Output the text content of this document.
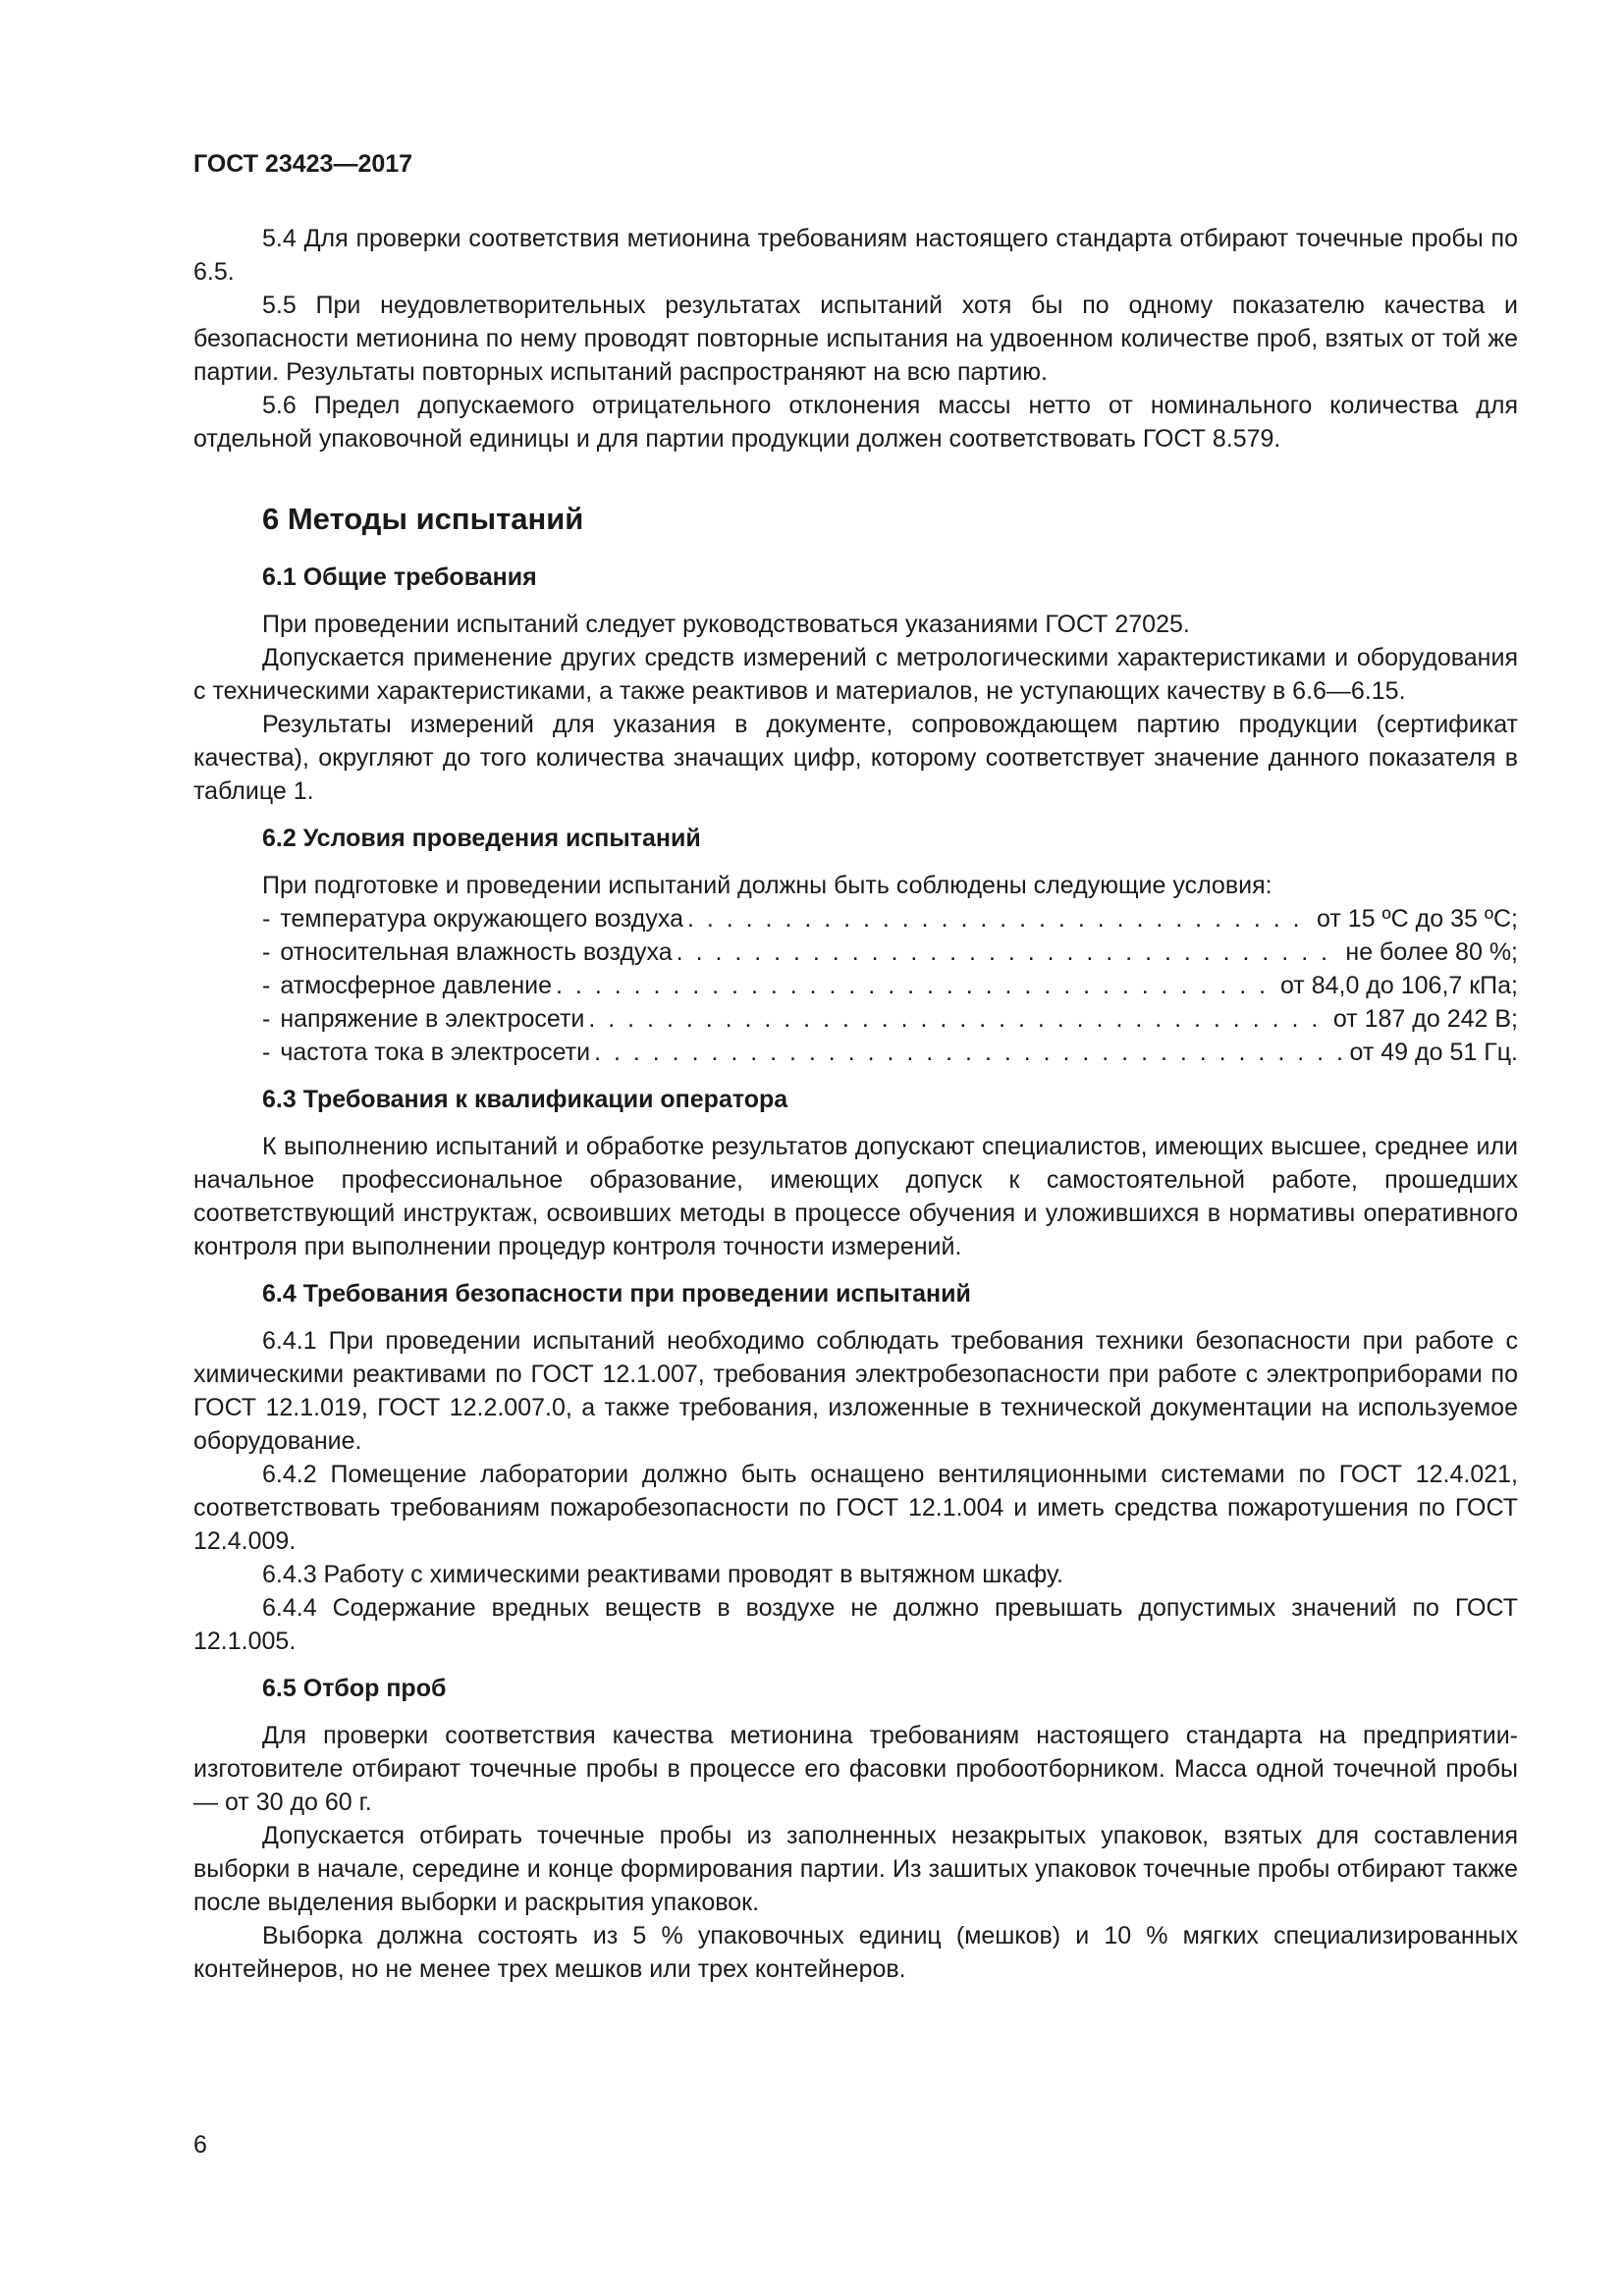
ГОСТ 23423—2017

5.4 Для проверки соответствия метионина требованиям настоящего стандарта отбирают точечные пробы по 6.5.

5.5 При неудовлетворительных результатах испытаний хотя бы по одному показателю качества и безопасности метионина по нему проводят повторные испытания на удвоенном количестве проб, взятых от той же партии. Результаты повторных испытаний распространяют на всю партию.

5.6 Предел допускаемого отрицательного отклонения массы нетто от номинального количества для отдельной упаковочной единицы и для партии продукции должен соответствовать ГОСТ 8.579.

6 Методы испытаний
6.1 Общие требования

При проведении испытаний следует руководствоваться указаниями ГОСТ 27025.

Допускается применение других средств измерений с метрологическими характеристиками и оборудования с техническими характеристиками, а также реактивов и материалов, не уступающих качеству в 6.6—6.15.

Результаты измерений для указания в документе, сопровождающем партию продукции (сертификат качества), округляют до того количества значащих цифр, которому соответствует значение данного показателя в таблице 1.

6.2 Условия проведения испытаний

При подготовке и проведении испытаний должны быть соблюдены следующие условия:

- температура окружающего воздуха . . .	от 15 ºС до 35 ºС;
- относительная влажность воздуха . . .	не более 80 %;
- атмосферное давление . . .	от 84,0 до 106,7 кПа;
- напряжение в электросети . . .	от 187 до 242 В;
- частота тока в электросети . . .	от 49 до 51 Гц.
6.3 Требования к квалификации оператора

К выполнению испытаний и обработке результатов допускают специалистов, имеющих высшее, среднее или начальное профессиональное образование, имеющих допуск к самостоятельной работе, прошедших соответствующий инструктаж, освоивших методы в процессе обучения и уложившихся в нормативы оперативного контроля при выполнении процедур контроля точности измерений.

6.4 Требования безопасности при проведении испытаний

6.4.1 При проведении испытаний необходимо соблюдать требования техники безопасности при работе с химическими реактивами по ГОСТ 12.1.007, требования электробезопасности при работе с электроприборами по ГОСТ 12.1.019, ГОСТ 12.2.007.0, а также требования, изложенные в технической документации на используемое оборудование.

6.4.2 Помещение лаборатории должно быть оснащено вентиляционными системами по ГОСТ 12.4.021, соответствовать требованиям пожаробезопасности по ГОСТ 12.1.004 и иметь средства пожаротушения по ГОСТ 12.4.009.

6.4.3 Работу с химическими реактивами проводят в вытяжном шкафу.

6.4.4 Содержание вредных веществ в воздухе не должно превышать допустимых значений по ГОСТ 12.1.005.

6.5 Отбор проб

Для проверки соответствия качества метионина требованиям настоящего стандарта на предприятии-изготовителе отбирают точечные пробы в процессе его фасовки пробоотборником. Масса одной точечной пробы — от 30 до 60 г.

Допускается отбирать точечные пробы из заполненных незакрытых упаковок, взятых для составления выборки в начале, середине и конце формирования партии. Из зашитых упаковок точечные пробы отбирают также после выделения выборки и раскрытия упаковок.

Выборка должна состоять из 5 % упаковочных единиц (мешков) и 10 % мягких специализированных контейнеров, но не менее трех мешков или трех контейнеров.

6
